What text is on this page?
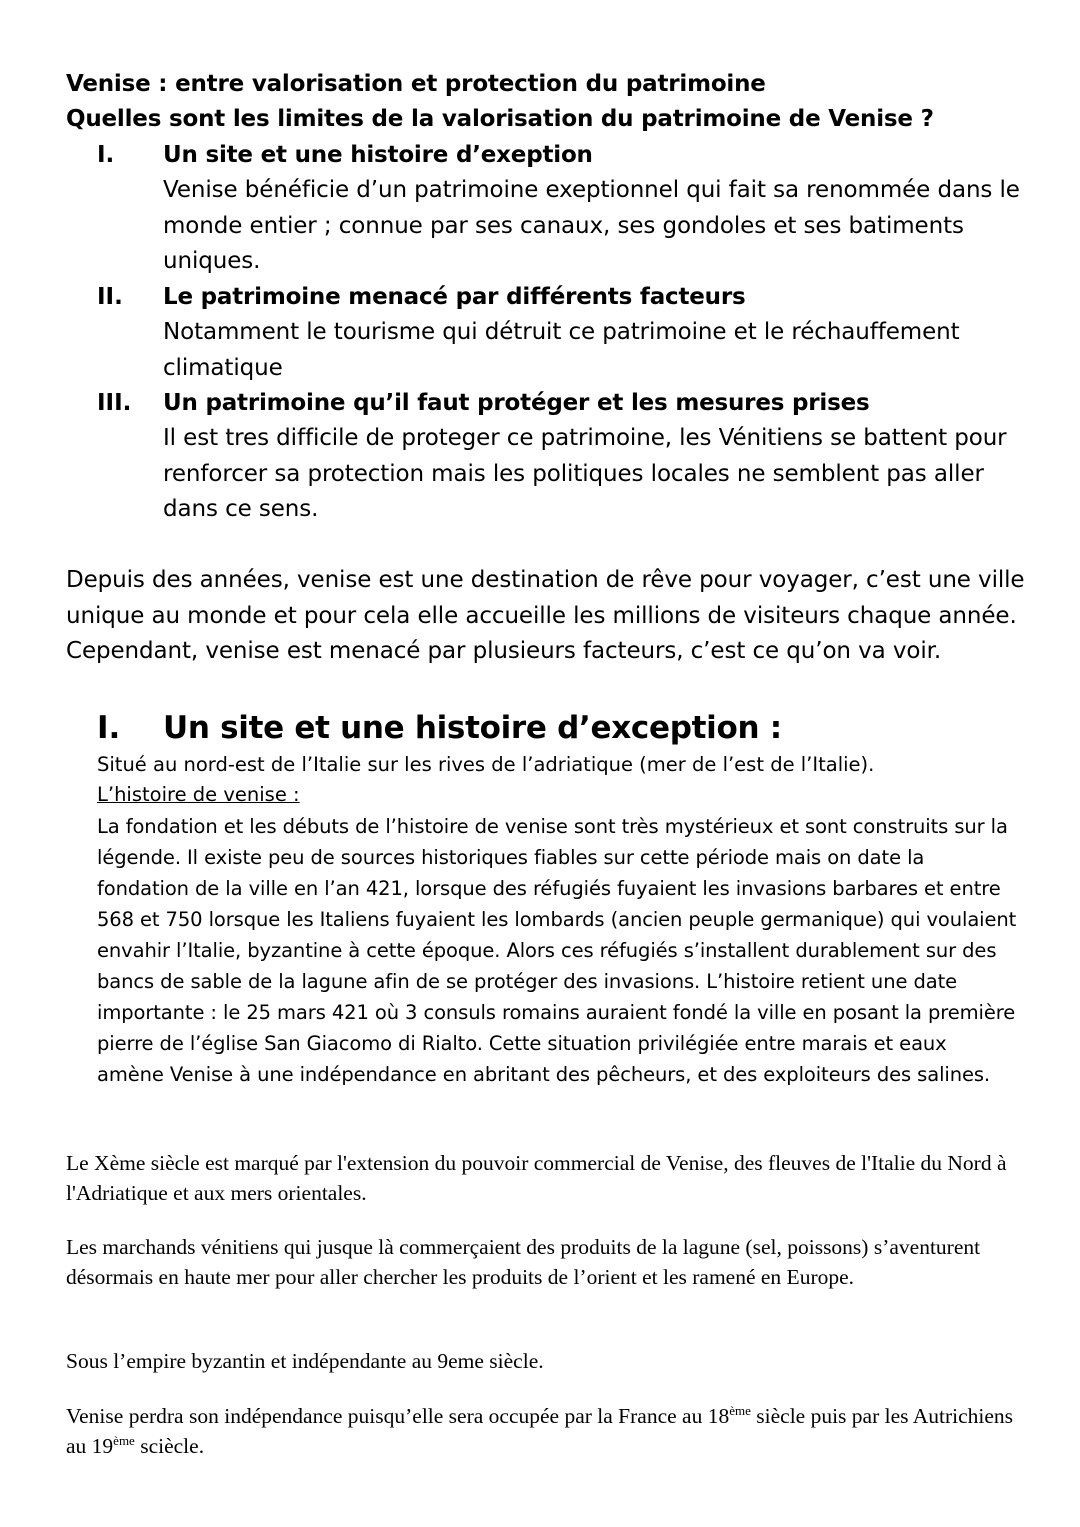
Venise : entre valorisation et protection du patrimoine
Quelles sont les limites de la valorisation du patrimoine de Venise ?
I. Un site et une histoire d’exeption
Venise bénéficie d’un patrimoine exeptionnel qui fait sa renommée dans le monde entier ; connue par ses canaux, ses gondoles et ses batiments uniques.
II. Le patrimoine menacé par différents facteurs
Notamment le tourisme qui détruit ce patrimoine et le réchauffement climatique
III. Un patrimoine qu’il faut protéger et les mesures prises
Il est tres difficile de proteger ce patrimoine, les Vénitiens se battent pour renforcer sa protection mais les politiques locales ne semblent pas aller dans ce sens.
Depuis des années, venise est une destination de rêve pour voyager, c’est une ville unique au monde et pour cela elle accueille les millions de visiteurs chaque année. Cependant, venise est menacé par plusieurs facteurs, c’est ce qu’on va voir.
I. Un site et une histoire d’exception :
Situé au nord-est de l’Italie sur les rives de l’adriatique (mer de l’est de l’Italie).
L’histoire de venise :
La fondation et les débuts de l’histoire de venise sont très mystérieux et sont construits sur la légende. Il existe peu de sources historiques fiables sur cette période mais on date la fondation de la ville en l’an 421, lorsque des réfugiés fuyaient les invasions barbares et entre 568 et 750 lorsque les Italiens fuyaient les lombards (ancien peuple germanique) qui voulaient envahir l’Italie, byzantine à cette époque. Alors ces réfugiés s’installent durablement sur des bancs de sable de la lagune afin de se protéger des invasions. L’histoire retient une date importante : le 25 mars 421 où 3 consuls romains auraient fondé la ville en posant la première pierre de l’église San Giacomo di Rialto. Cette situation privilégiée entre marais et eaux amène Venise à une indépendance en abritant des pêcheurs, et des exploiteurs des salines.
Le Xème siècle est marqué par l'extension du pouvoir commercial de Venise, des fleuves de l'Italie du Nord à l'Adriatique et aux mers orientales.
Les marchands vénitiens qui jusque là commerçaient des produits de la lagune (sel, poissons) s’aventurent désormais en haute mer pour aller chercher les produits de l’orient et les ramené en Europe.
Sous l’empire byzantin et indépendante au 9eme siècle.
Venise perdra son indépendance puisqu’elle sera occupée par la France au 18ème siècle puis par les Autrichiens au 19ème sciècle.
